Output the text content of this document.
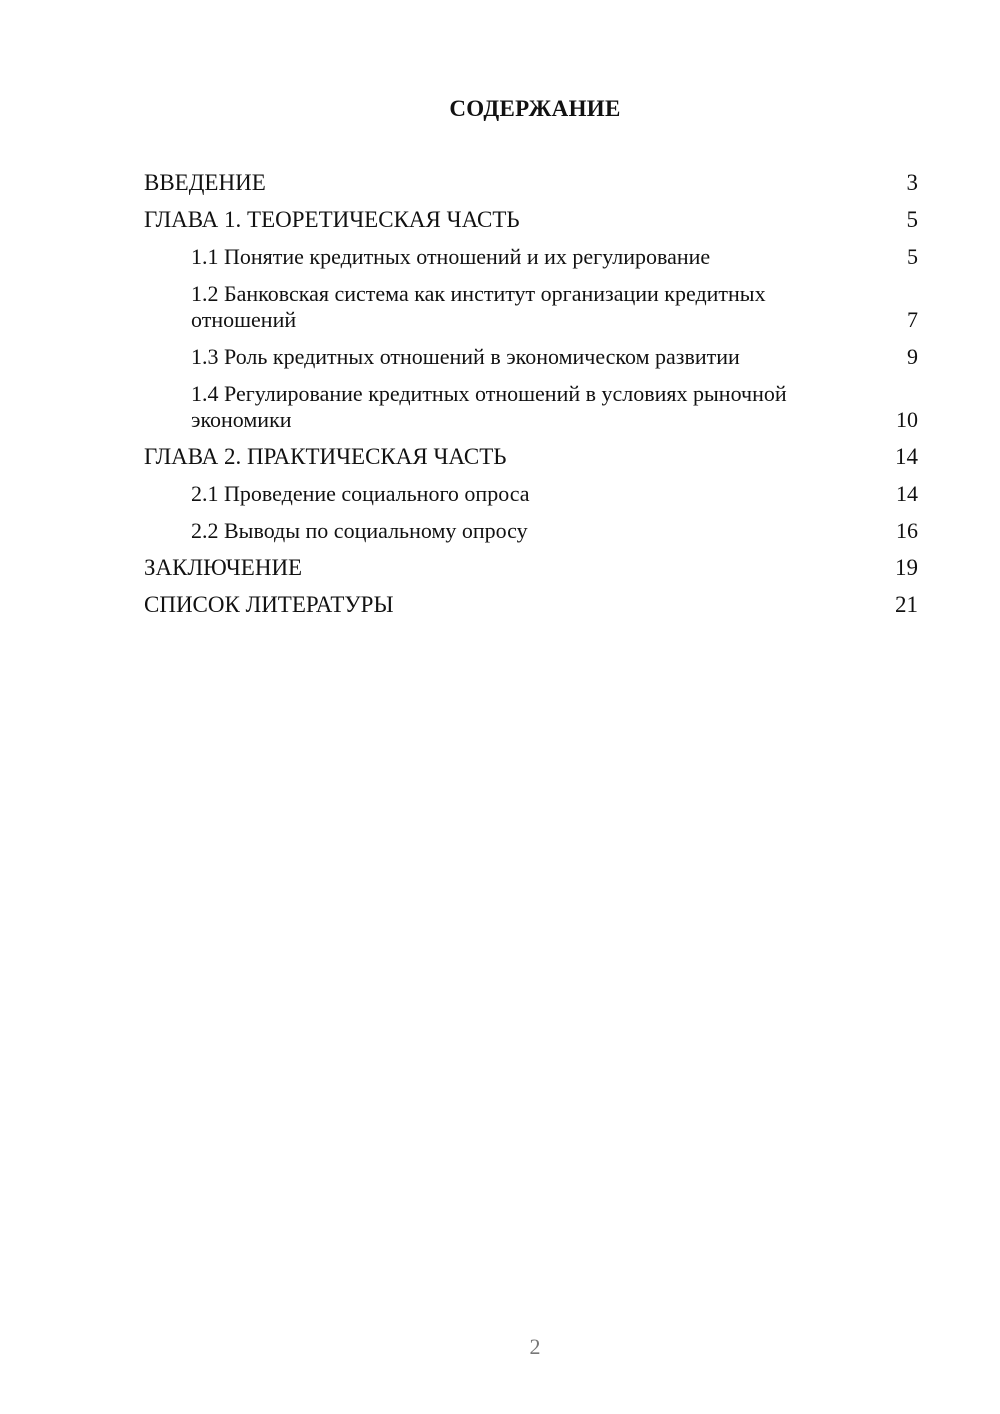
СОДЕРЖАНИЕ
ВВЕДЕНИЕ	3
ГЛАВА 1. ТЕОРЕТИЧЕСКАЯ ЧАСТЬ	5
1.1 Понятие кредитных отношений и их регулирование	5
1.2 Банковская система как институт организации кредитных отношений	7
1.3 Роль кредитных отношений в экономическом развитии	9
1.4 Регулирование кредитных отношений в условиях рыночной экономики	10
ГЛАВА 2. ПРАКТИЧЕСКАЯ ЧАСТЬ	14
2.1 Проведение социального опроса	14
2.2 Выводы по социальному опросу	16
ЗАКЛЮЧЕНИЕ	19
СПИСОК ЛИТЕРАТУРЫ	21
2
